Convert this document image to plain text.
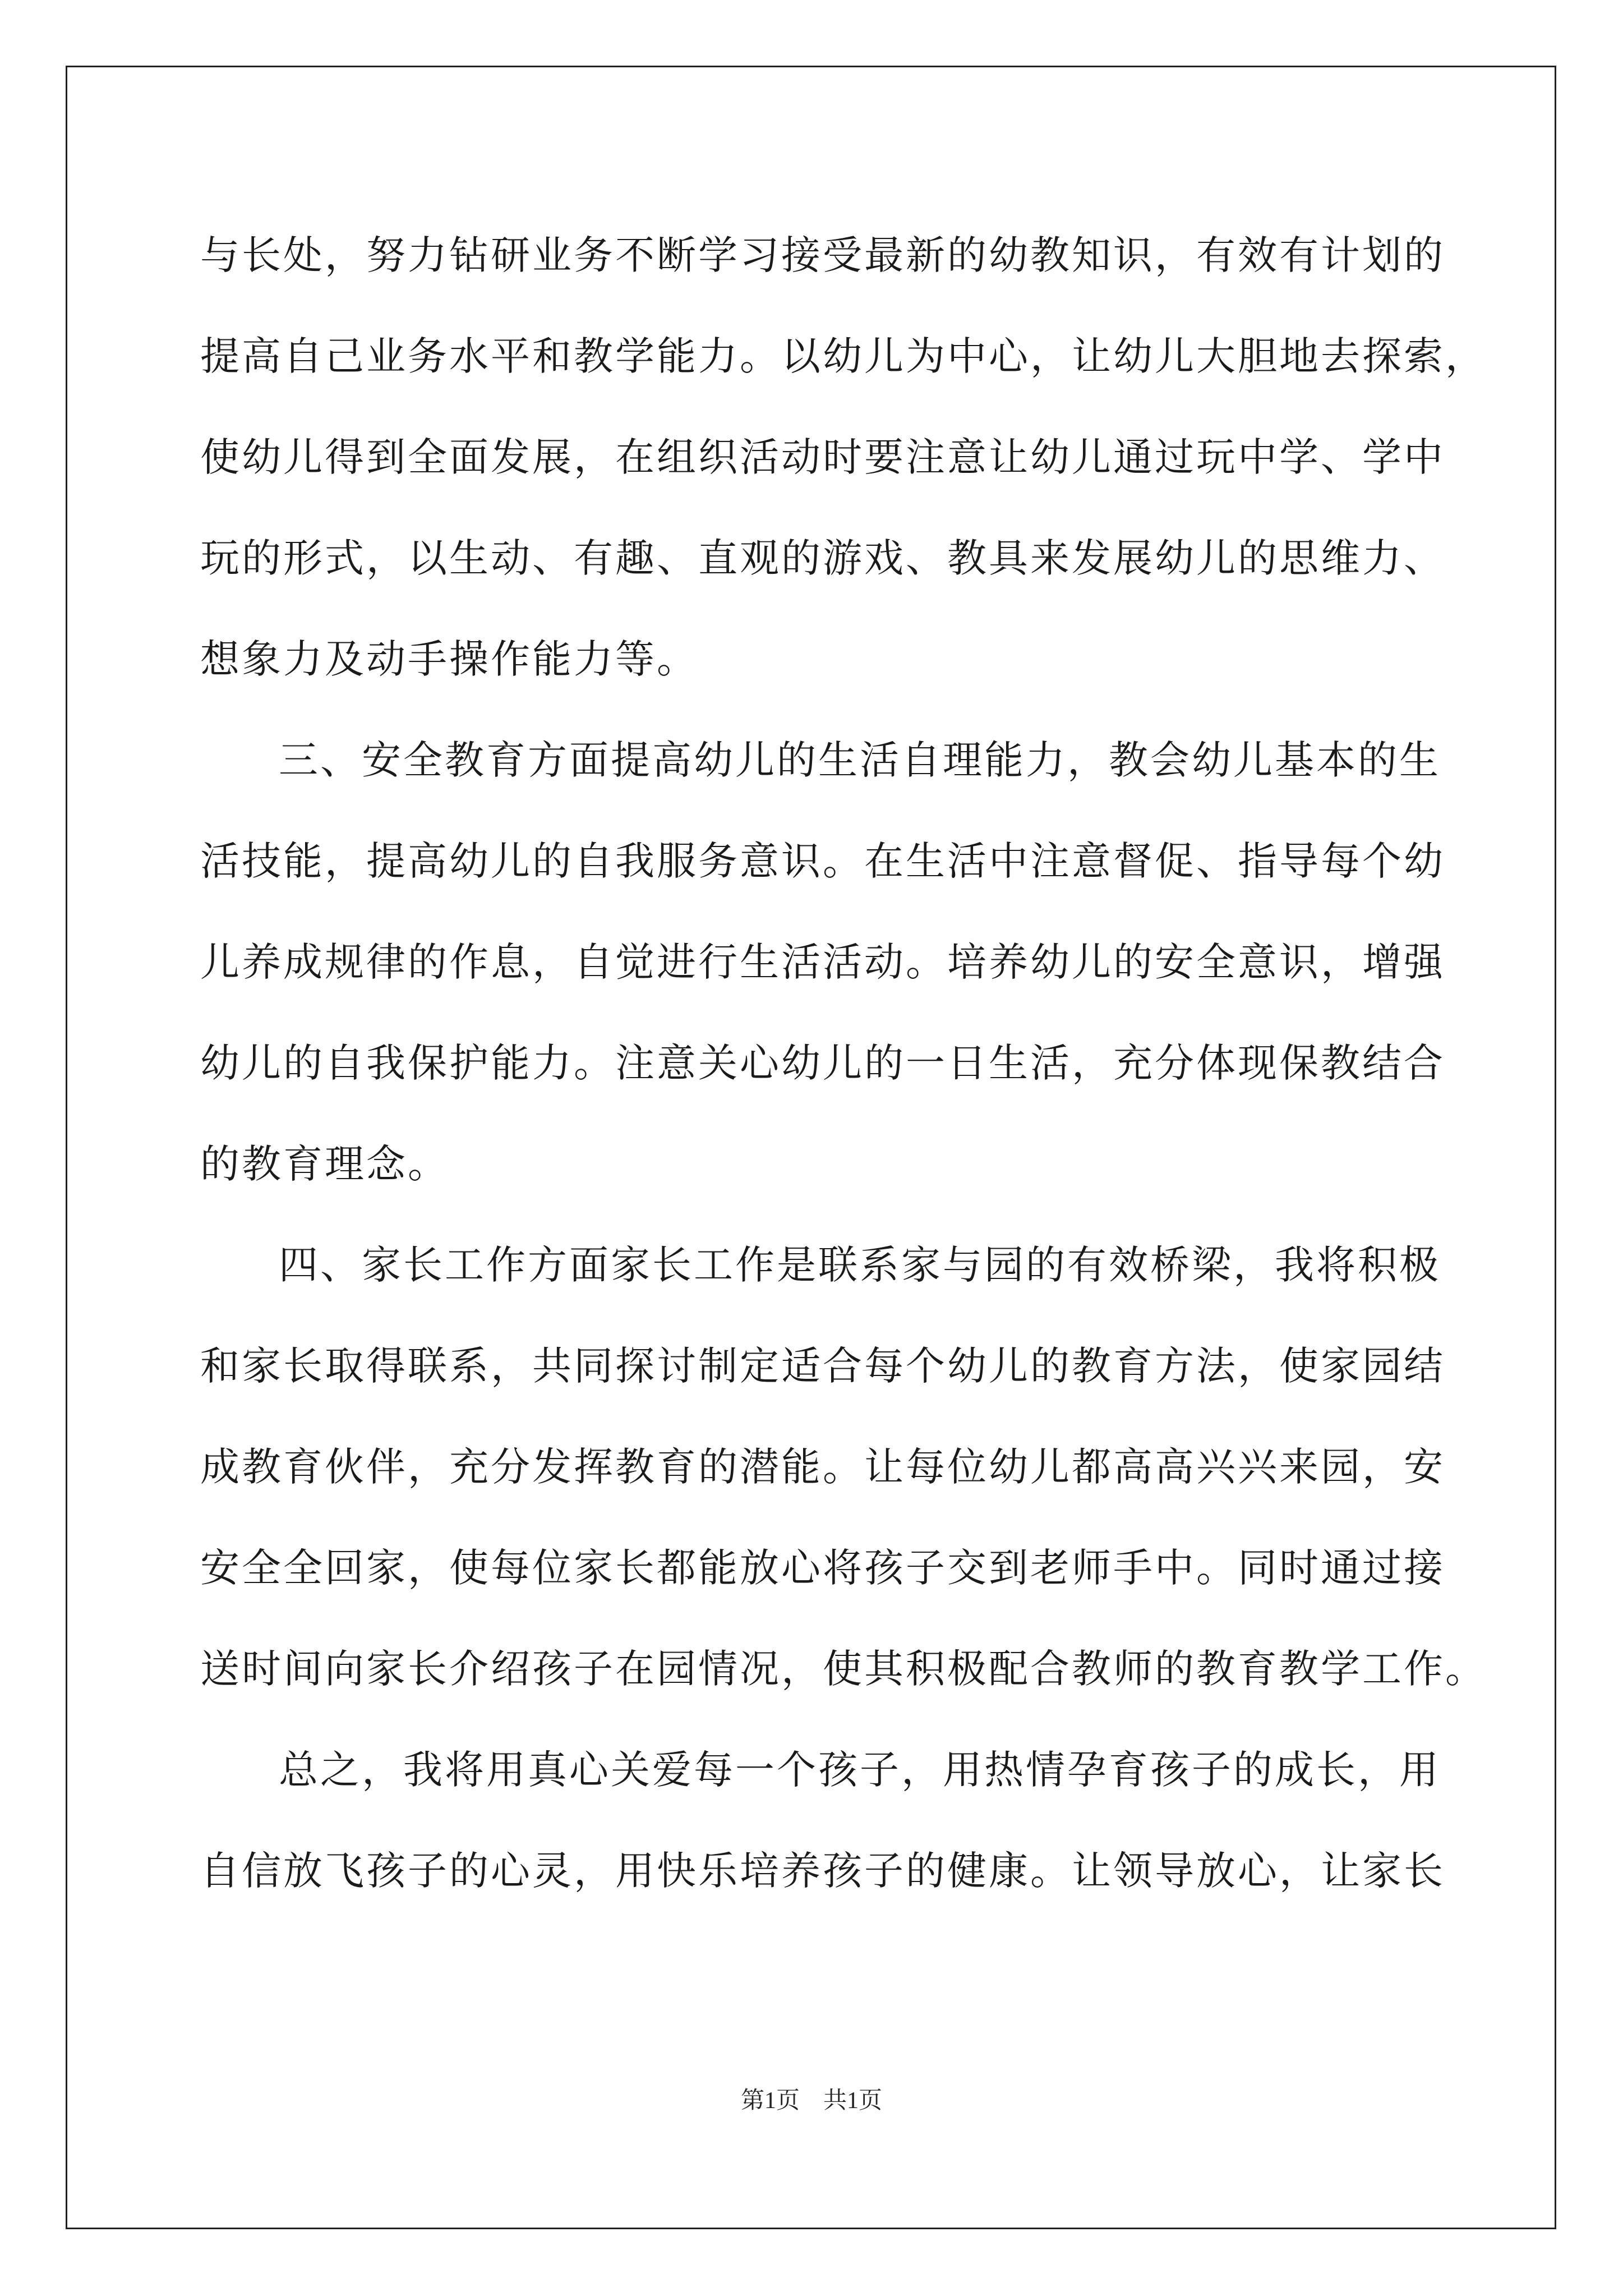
与长处，努力钻研业务不断学习接受最新的幼教知识，有效有计划的
提高自己业务水平和教学能力。以幼儿为中心，让幼儿大胆地去探索，
使幼儿得到全面发展，在组织活动时要注意让幼儿通过玩中学、学中
玩的形式，以生动、有趣、直观的游戏、教具来发展幼儿的思维力、
想象力及动手操作能力等。
三、安全教育方面提高幼儿的生活自理能力，教会幼儿基本的生
活技能，提高幼儿的自我服务意识。在生活中注意督促、指导每个幼
儿养成规律的作息，自觉进行生活活动。培养幼儿的安全意识，增强
幼儿的自我保护能力。注意关心幼儿的一日生活，充分体现保教结合
的教育理念。
四、家长工作方面家长工作是联系家与园的有效桥梁，我将积极
和家长取得联系，共同探讨制定适合每个幼儿的教育方法，使家园结
成教育伙伴，充分发挥教育的潜能。让每位幼儿都高高兴兴来园，安
安全全回家，使每位家长都能放心将孩子交到老师手中。同时通过接
送时间向家长介绍孩子在园情况，使其积极配合教师的教育教学工作。
总之，我将用真心关爱每一个孩子，用热情孕育孩子的成长，用
自信放飞孩子的心灵，用快乐培养孩子的健康。让领导放心，让家长
第1页　共1页
